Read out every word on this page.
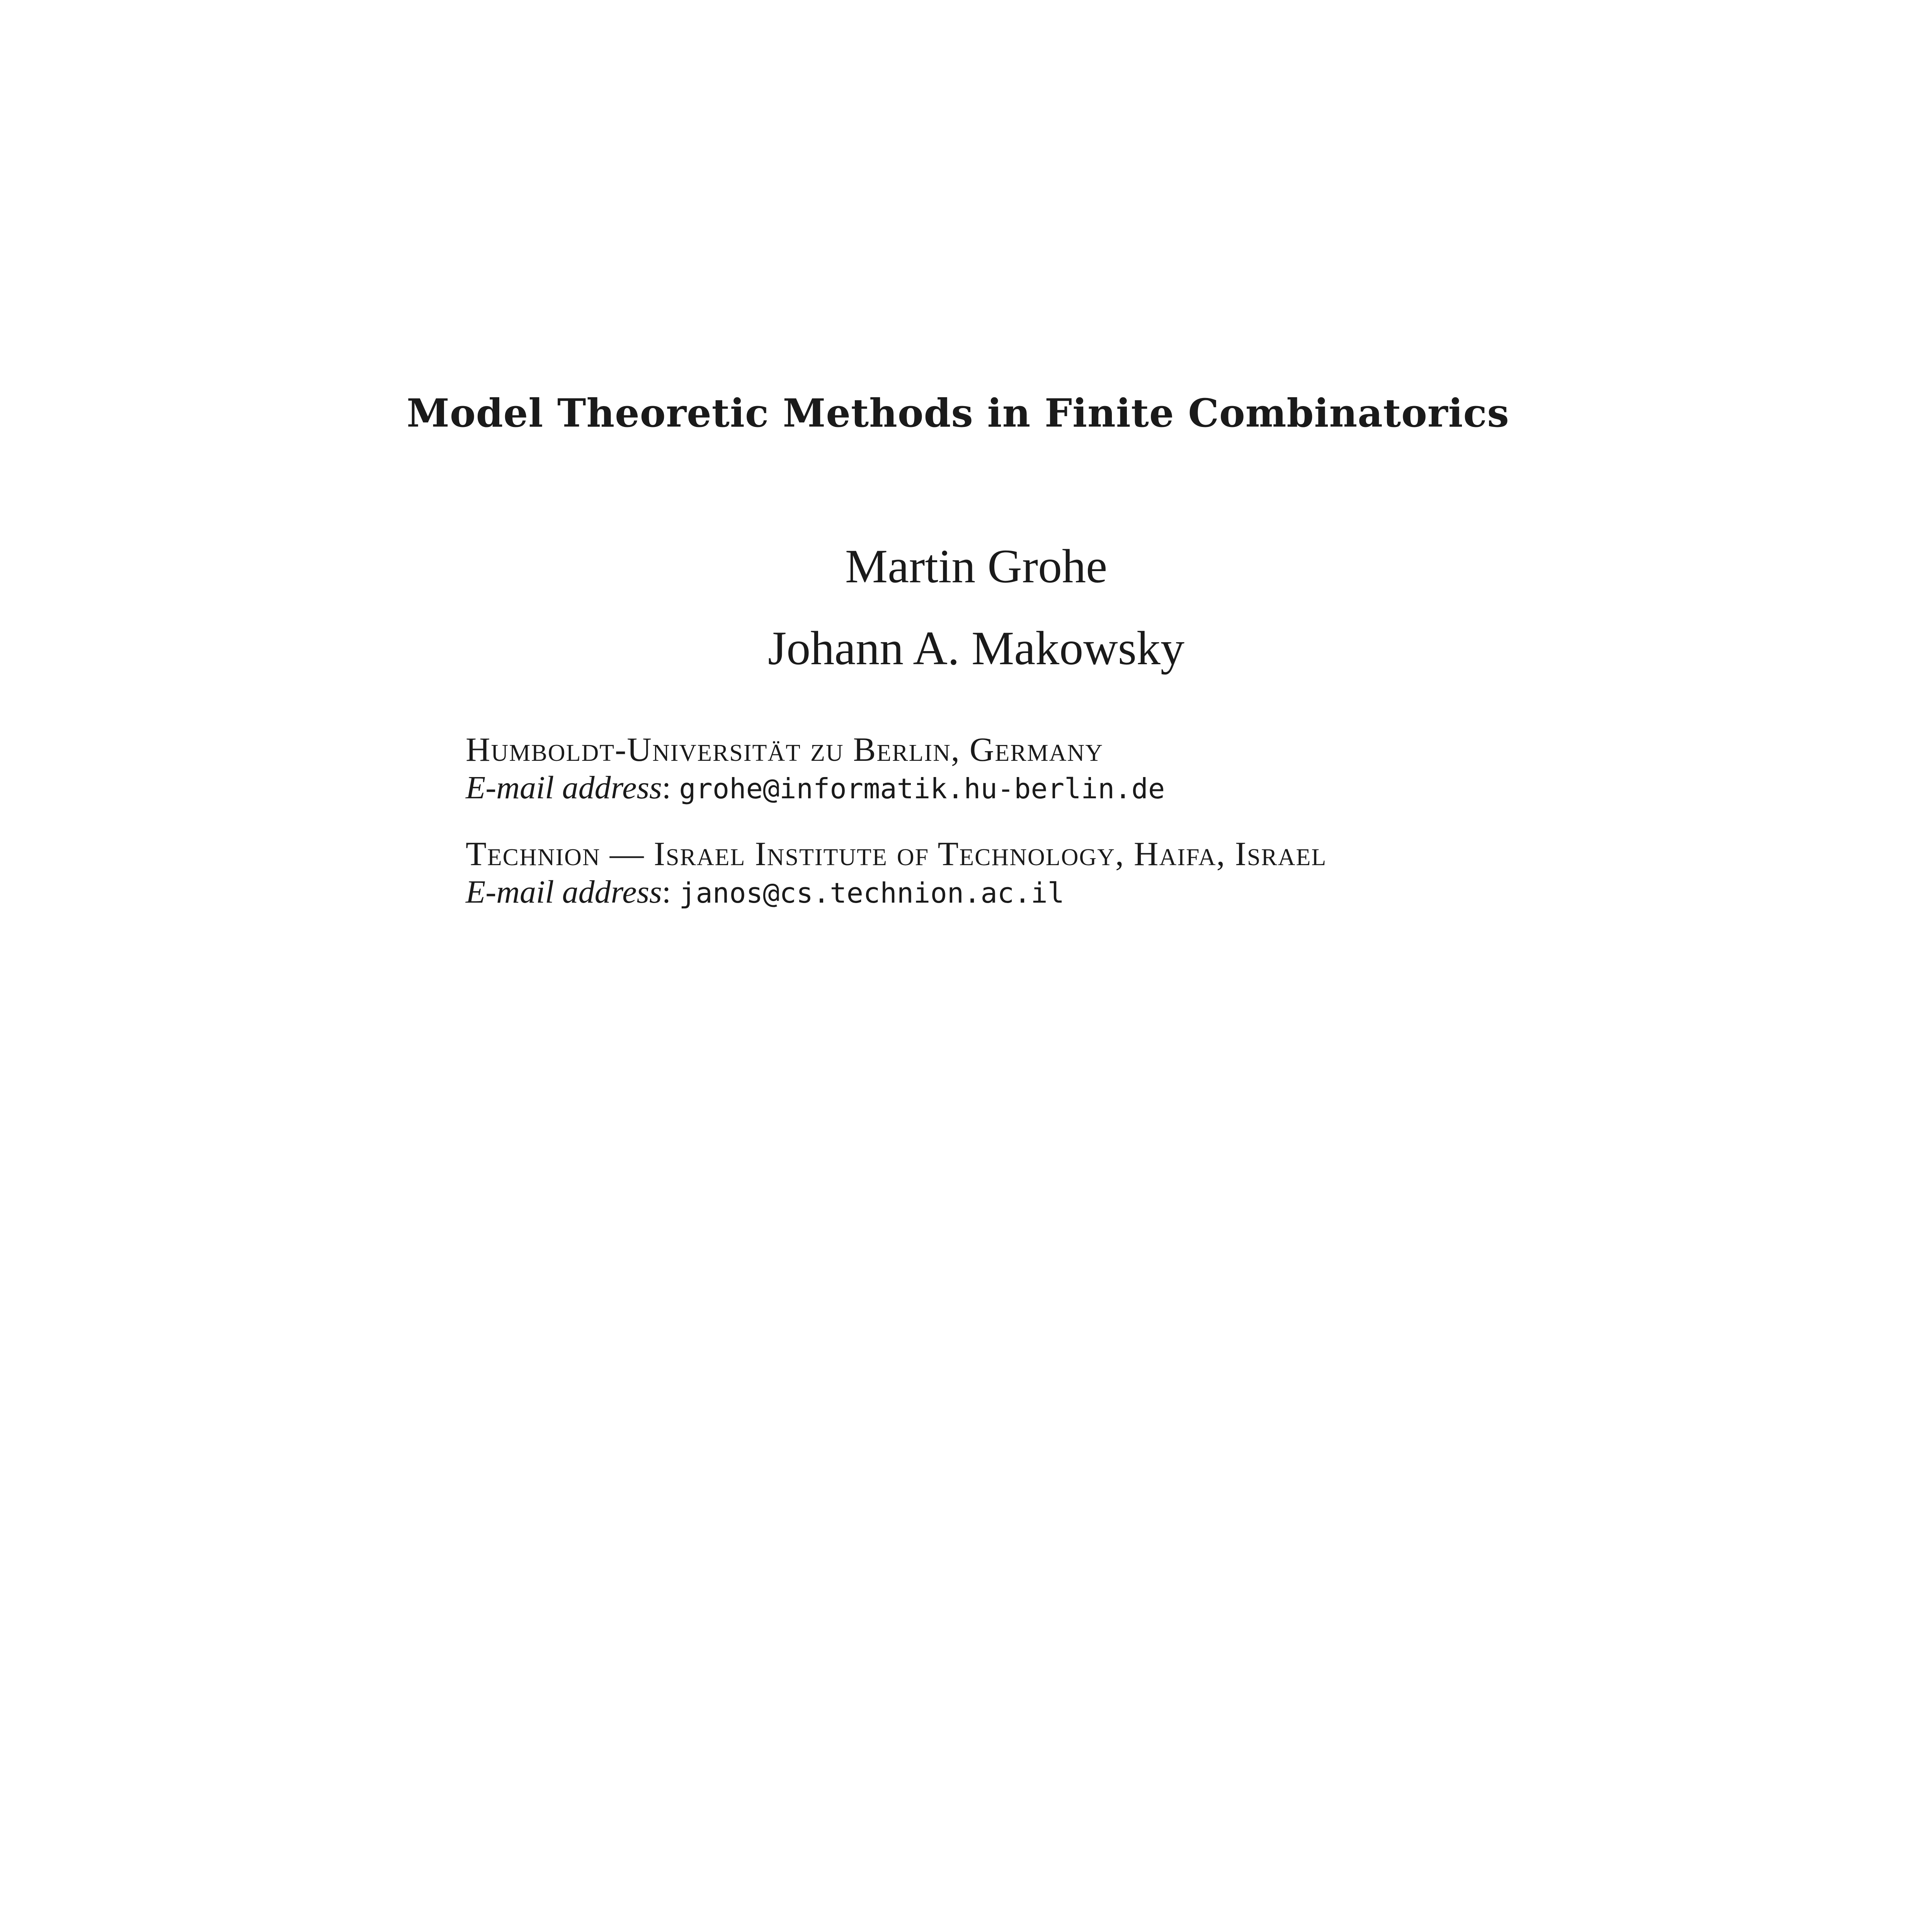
Model Theoretic Methods in Finite Combinatorics
Martin Grohe
Johann A. Makowsky
Humboldt-Universität zu Berlin, Germany
E-mail address: grohe@informatik.hu-berlin.de
Technion — Israel Institute of Technology, Haifa, Israel
E-mail address: janos@cs.technion.ac.il
